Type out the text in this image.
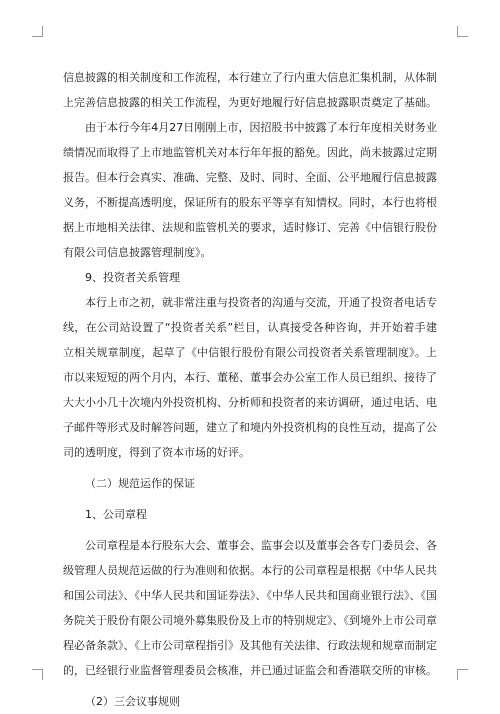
信息披露的相关制度和工作流程，本行建立了行内重大信息汇集机制，从体制上完善信息披露的相关工作流程，为更好地履行好信息披露职责奠定了基础。

由于本行今年4月27日刚刚上市，因招股书中披露了本行年度相关财务业绩情况而取得了上市地监管机关对本行年年报的豁免。因此，尚未披露过定期报告。但本行会真实、准确、完整、及时、同时、全面、公平地履行信息披露义务，不断提高透明度，保证所有的股东平等享有知情权。同时，本行也将根据上市地相关法律、法规和监管机关的要求，适时修订、完善《中信银行股份有限公司信息披露管理制度》。

9、投资者关系管理

本行上市之初，就非常注重与投资者的沟通与交流，开通了投资者电话专线，在公司站设置了“投资者关系”栏目，认真接受各种咨询，并开始着手建立相关规章制度，起草了《中信银行股份有限公司投资者关系管理制度》。上市以来短短的两个月内，本行、董秘、董事会办公室工作人员已组织、接待了大大小小几十次境内外投资机构、分析师和投资者的来访调研，通过电话、电子邮件等形式及时解答问题，建立了和境内外投资机构的良性互动，提高了公司的透明度，得到了资本市场的好评。

（二）规范运作的保证

1、公司章程

公司章程是本行股东大会、董事会、监事会以及董事会各专门委员会、各级管理人员规范运做的行为准则和依据。本行的公司章程是根据《中华人民共和国公司法》、《中华人民共和国证券法》、《中华人民共和国商业银行法》、《国务院关于股份有限公司境外募集股份及上市的特别规定》、《到境外上市公司章程必备条款》、《上市公司章程指引》及其他有关法律、行政法规和规章而制定的，已经银行业监督管理委员会核准，并已通过证监会和香港联交所的审核。

（2）三会议事规则
